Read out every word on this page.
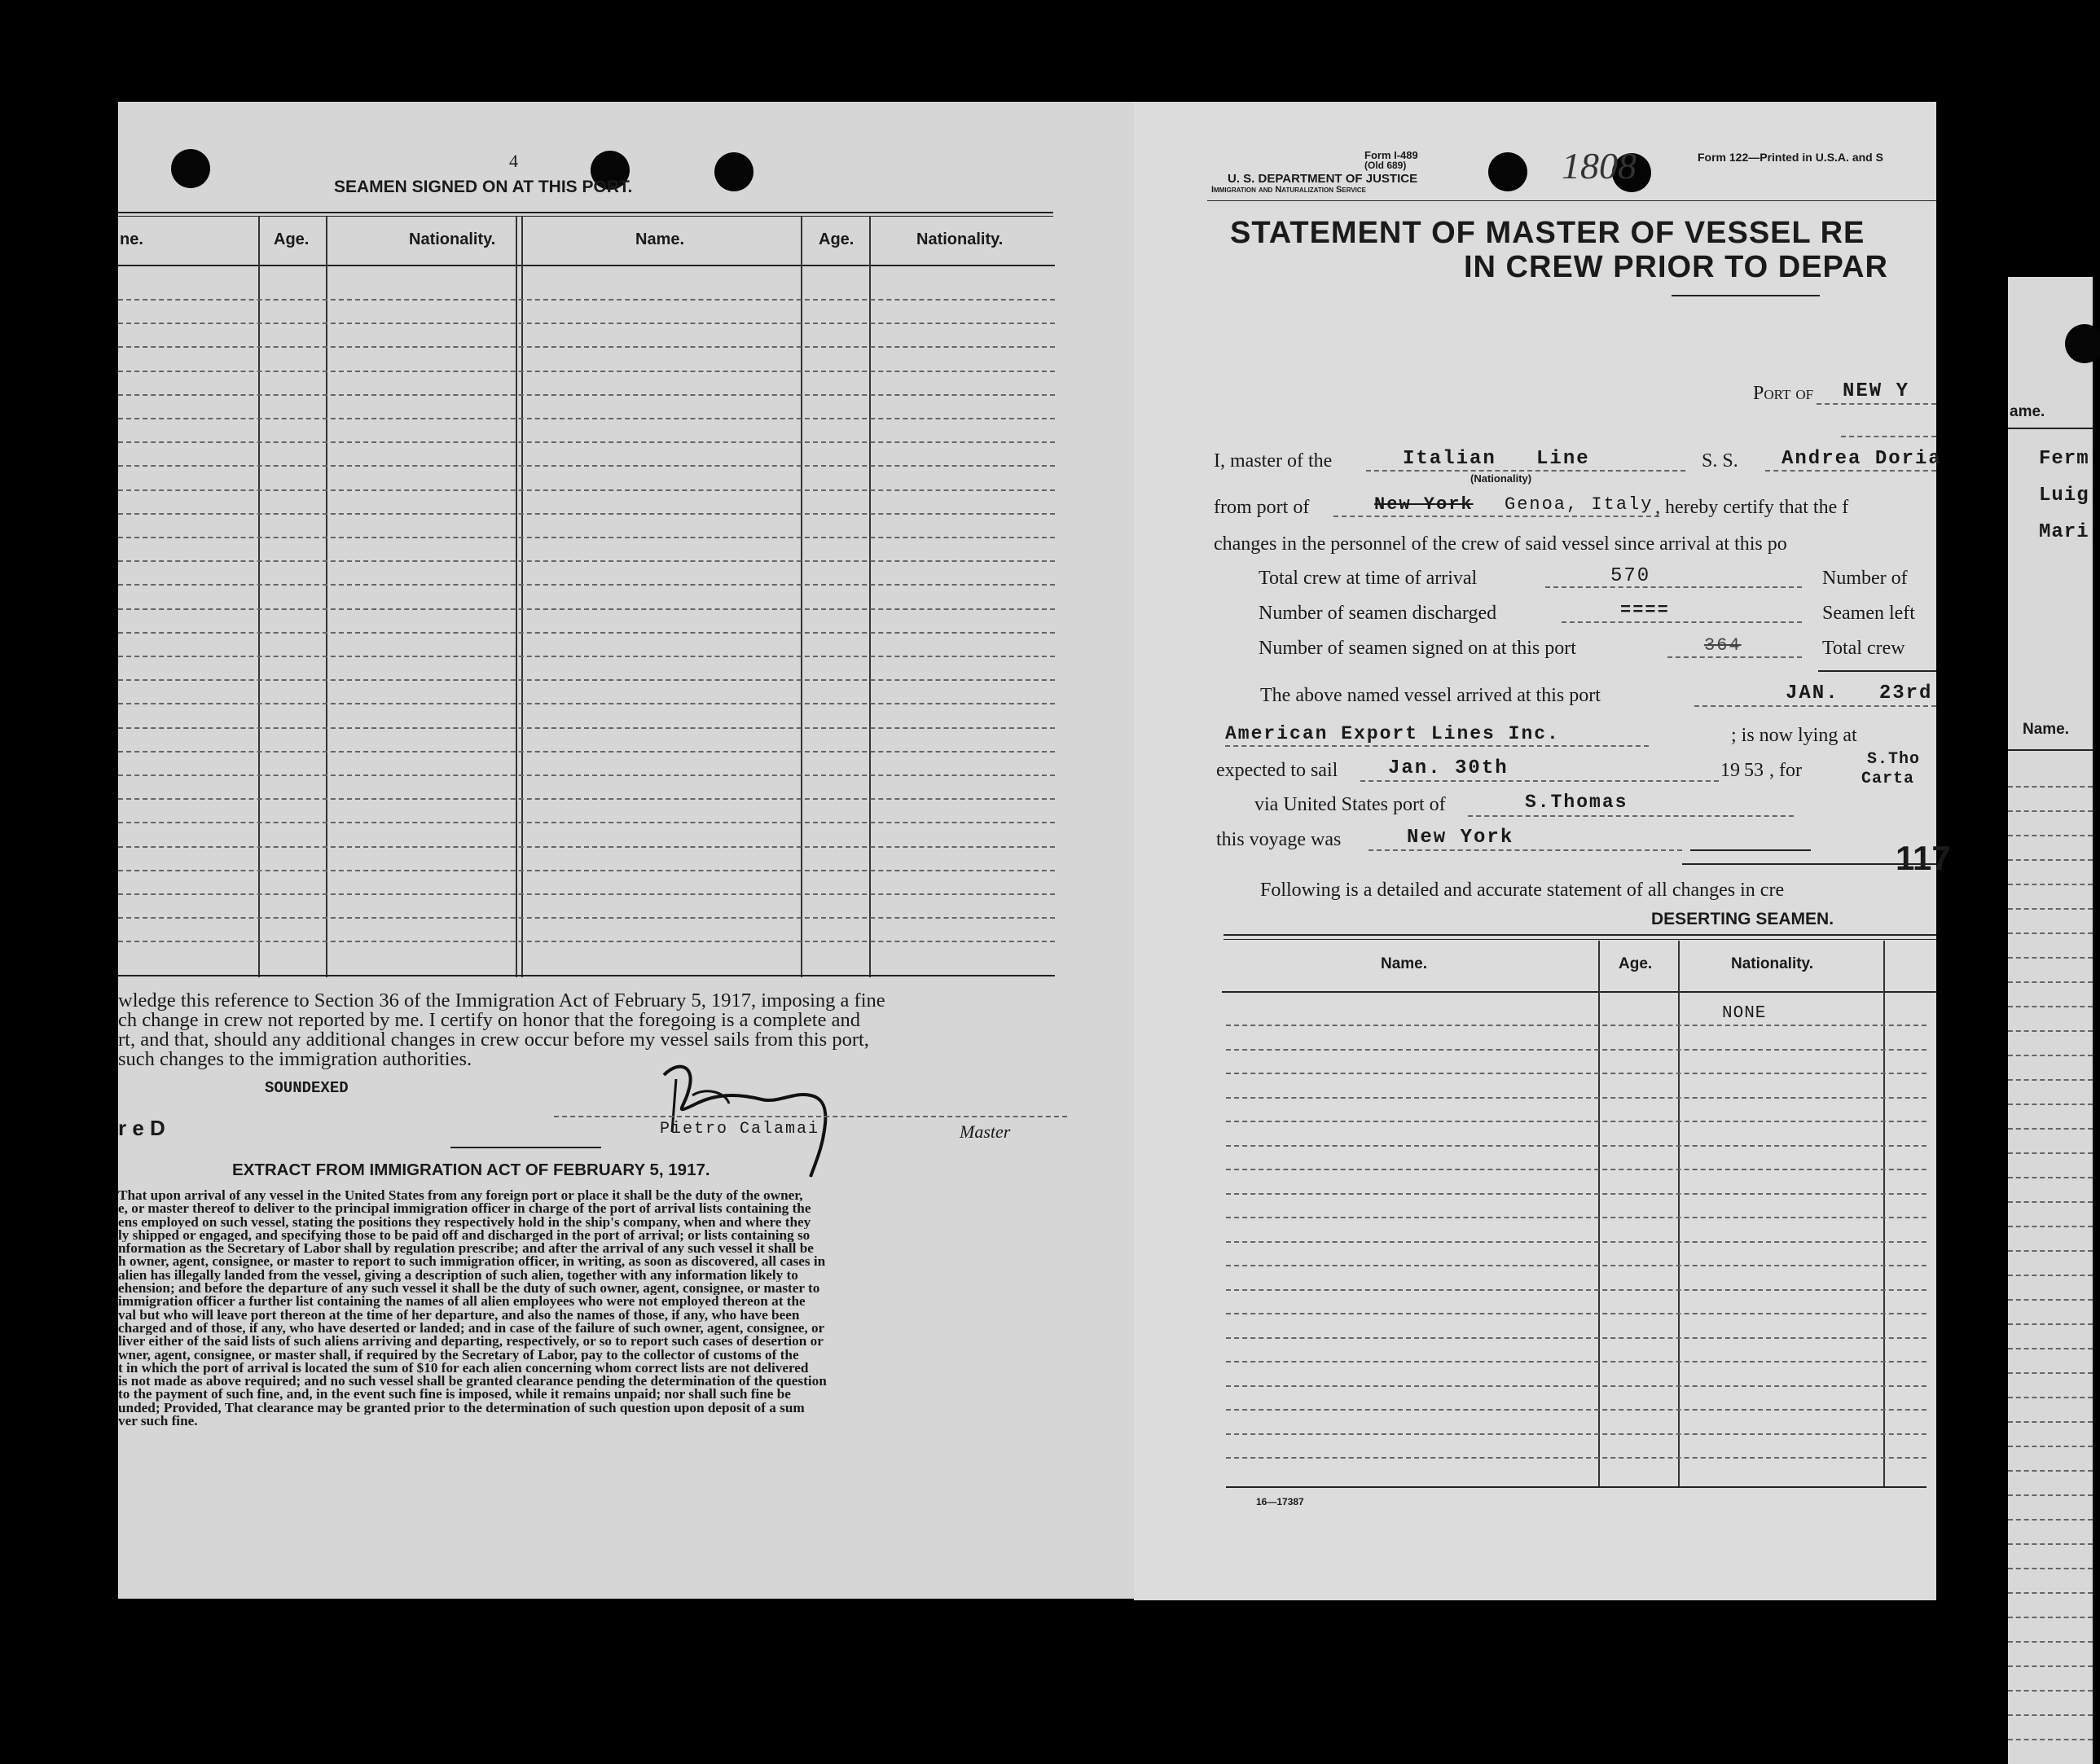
4
SEAMEN SIGNED ON AT THIS PORT.
ne.	Age.	Nationality.	Name.	Age.	Nationality.
wledge this reference to Section 36 of the Immigration Act of February 5, 1917, imposing a fine
ch change in crew not reported by me. I certify on honor that the foregoing is a complete and
rt, and that, should any additional changes in crew occur before my vessel sails from this port,
such changes to the immigration authorities.
SOUNDEXED
r e D	Pietro Calamai,	Master
EXTRACT FROM IMMIGRATION ACT OF FEBRUARY 5, 1917.
That upon arrival of any vessel in the United States from any foreign port or place it shall be the duty of the owner,
e, or master thereof to deliver to the principal immigration officer in charge of the port of arrival lists containing the
ens employed on such vessel, stating the positions they respectively hold in the ship's company, when and where they
ly shipped or engaged, and specifying those to be paid off and discharged in the port of arrival; or lists containing so
nformation as the Secretary of Labor shall by regulation prescribe; and after the arrival of any such vessel it shall be
h owner, agent, consignee, or master to report to such immigration officer, in writing, as soon as discovered, all cases in
alien has illegally landed from the vessel, giving a description of such alien, together with any information likely to
ehension; and before the departure of any such vessel it shall be the duty of such owner, agent, consignee, or master to
immigration officer a further list containing the names of all alien employees who were not employed thereon at the
val but who will leave port thereon at the time of her departure, and also the names of those, if any, who have been
charged and of those, if any, who have deserted or landed; and in case of the failure of such owner, agent, consignee, or
liver either of the said lists of such aliens arriving and departing, respectively, or so to report such cases of desertion or
wner, agent, consignee, or master shall, if required by the Secretary of Labor, pay to the collector of customs of the
t in which the port of arrival is located the sum of $10 for each alien concerning whom correct lists are not delivered
is not made as above required; and no such vessel shall be granted clearance pending the determination of the question
to the payment of such fine, and, in the event such fine is imposed, while it remains unpaid; nor shall such fine be
unded; Provided, That clearance may be granted prior to the determination of such question upon deposit of a sum
ver such fine.
Form I-489
(Old 689)
U. S. DEPARTMENT OF JUSTICE
Immigration and Naturalization Service
1808	Form 122—Printed in U.S.A. and S
STATEMENT OF MASTER OF VESSEL RE
IN CREW PRIOR TO DEPAR
Port of NEW Y
I, master of the	Italian   Line
(Nationality)
S. S. Andrea Doria
from port of	New York Genoa, Italy , hereby certify that the f
changes in the personnel of the crew of said vessel since arrival at this po
Total crew at time of arrival	570	Number of
Number of seamen discharged	====	Seamen left
Number of seamen signed on at this port	364	Total crew
The above named vessel arrived at this port	JAN.   23rd
American Export Lines Inc.	; is now lying at
expected to sail	Jan. 30th	19 53 , for
S.Tho
Carta
via United States port of	S.Thomas
this voyage was	New York
117
Following is a detailed and accurate statement of all changes in cre
DESERTING SEAMEN.
Name.	Age.	Nationality.
NONE
16—17387
ame.
Ferm
Luig
Mari
Name.
